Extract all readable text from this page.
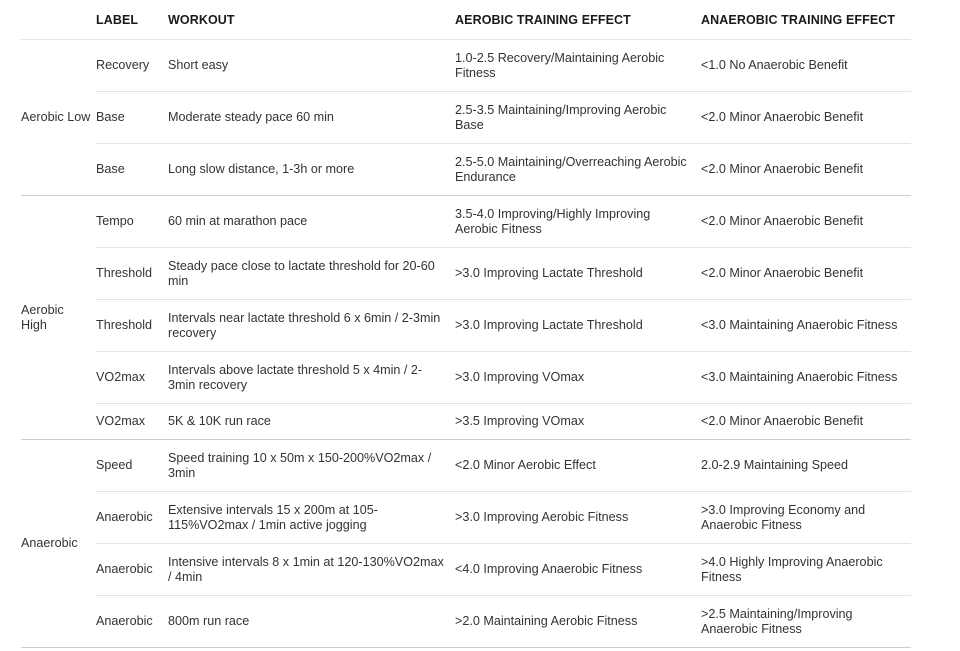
	LABEL	WORKOUT	AEROBIC TRAINING EFFECT	ANAEROBIC TRAINING EFFECT
Aerobic Low	Recovery	Short easy	1.0-2.5 Recovery/Maintaining Aerobic Fitness	<1.0 No Anaerobic Benefit
	Base	Moderate steady pace 60 min	2.5-3.5 Maintaining/Improving Aerobic Base	<2.0 Minor Anaerobic Benefit
	Base	Long slow distance, 1-3h or more	2.5-5.0 Maintaining/Overreaching Aerobic Endurance	<2.0 Minor Anaerobic Benefit
Aerobic High	Tempo	60 min at marathon pace	3.5-4.0 Improving/Highly Improving Aerobic Fitness	<2.0 Minor Anaerobic Benefit
	Threshold	Steady pace close to lactate threshold for 20-60 min	>3.0 Improving Lactate Threshold	<2.0 Minor Anaerobic Benefit
	Threshold	Intervals near lactate threshold 6 x 6min / 2-3min recovery	>3.0 Improving Lactate Threshold	<3.0 Maintaining Anaerobic Fitness
	VO2max	Intervals above lactate threshold 5 x 4min / 2-3min recovery	>3.0 Improving VOmax	<3.0 Maintaining Anaerobic Fitness
	VO2max	5K & 10K run race	>3.5 Improving VOmax	<2.0 Minor Anaerobic Benefit
Anaerobic	Speed	Speed training 10 x 50m x 150-200%VO2max / 3min	<2.0 Minor Aerobic Effect	2.0-2.9 Maintaining Speed
	Anaerobic	Extensive intervals 15 x 200m at 105-115%VO2max / 1min active jogging	>3.0 Improving Aerobic Fitness	>3.0 Improving Economy and Anaerobic Fitness
	Anaerobic	Intensive intervals 8 x 1min at 120-130%VO2max / 4min	<4.0 Improving Anaerobic Fitness	>4.0 Highly Improving Anaerobic Fitness
	Anaerobic	800m run race	>2.0 Maintaining Aerobic Fitness	>2.5 Maintaining/Improving Anaerobic Fitness
